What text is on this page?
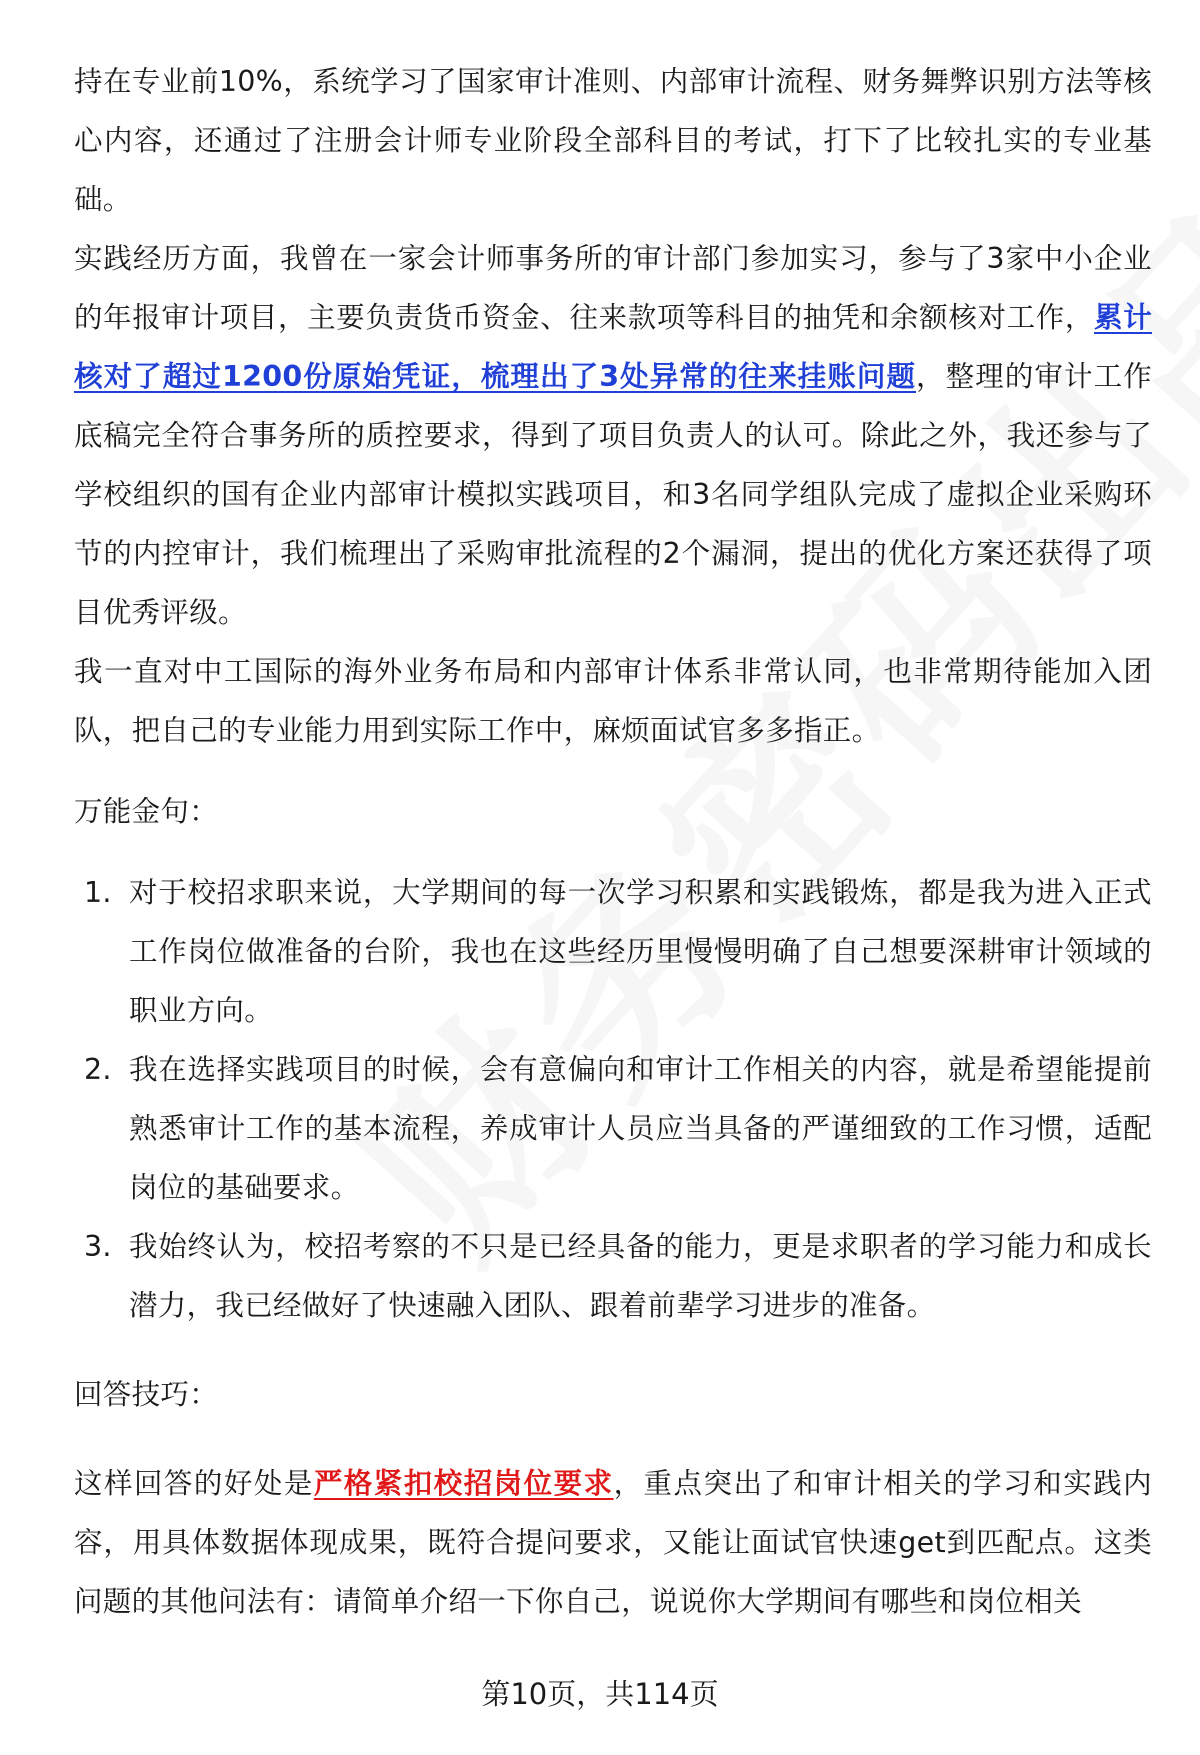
持在专业前10%，系统学习了国家审计准则、内部审计流程、财务舞弊识别方法等核心内容，还通过了注册会计师专业阶段全部科目的考试，打下了比较扎实的专业基础。

实践经历方面，我曾在一家会计师事务所的审计部门参加实习，参与了3家中小企业的年报审计项目，主要负责货币资金、往来款项等科目的抽凭和余额核对工作，累计核对了超过1200份原始凭证，梳理出了3处异常的往来挂账问题，整理的审计工作底稿完全符合事务所的质控要求，得到了项目负责人的认可。除此之外，我还参与了学校组织的国有企业内部审计模拟实践项目，和3名同学组队完成了虚拟企业采购环节的内控审计，我们梳理出了采购审批流程的2个漏洞，提出的优化方案还获得了项目优秀评级。

我一直对中工国际的海外业务布局和内部审计体系非常认同，也非常期待能加入团队，把自己的专业能力用到实际工作中，麻烦面试官多多指正。

万能金句：

1. 对于校招求职来说，大学期间的每一次学习积累和实践锻炼，都是我为进入正式工作岗位做准备的台阶，我也在这些经历里慢慢明确了自己想要深耕审计领域的职业方向。
2. 我在选择实践项目的时候，会有意偏向和审计工作相关的内容，就是希望能提前熟悉审计工作的基本流程，养成审计人员应当具备的严谨细致的工作习惯，适配岗位的基础要求。
3. 我始终认为，校招考察的不只是已经具备的能力，更是求职者的学习能力和成长潜力，我已经做好了快速融入团队、跟着前辈学习进步的准备。

回答技巧：

这样回答的好处是严格紧扣校招岗位要求，重点突出了和审计相关的学习和实践内容，用具体数据体现成果，既符合提问要求，又能让面试官快速get到匹配点。这类问题的其他问法有：请简单介绍一下你自己，说说你大学期间有哪些和岗位相关

第10页，共114页
